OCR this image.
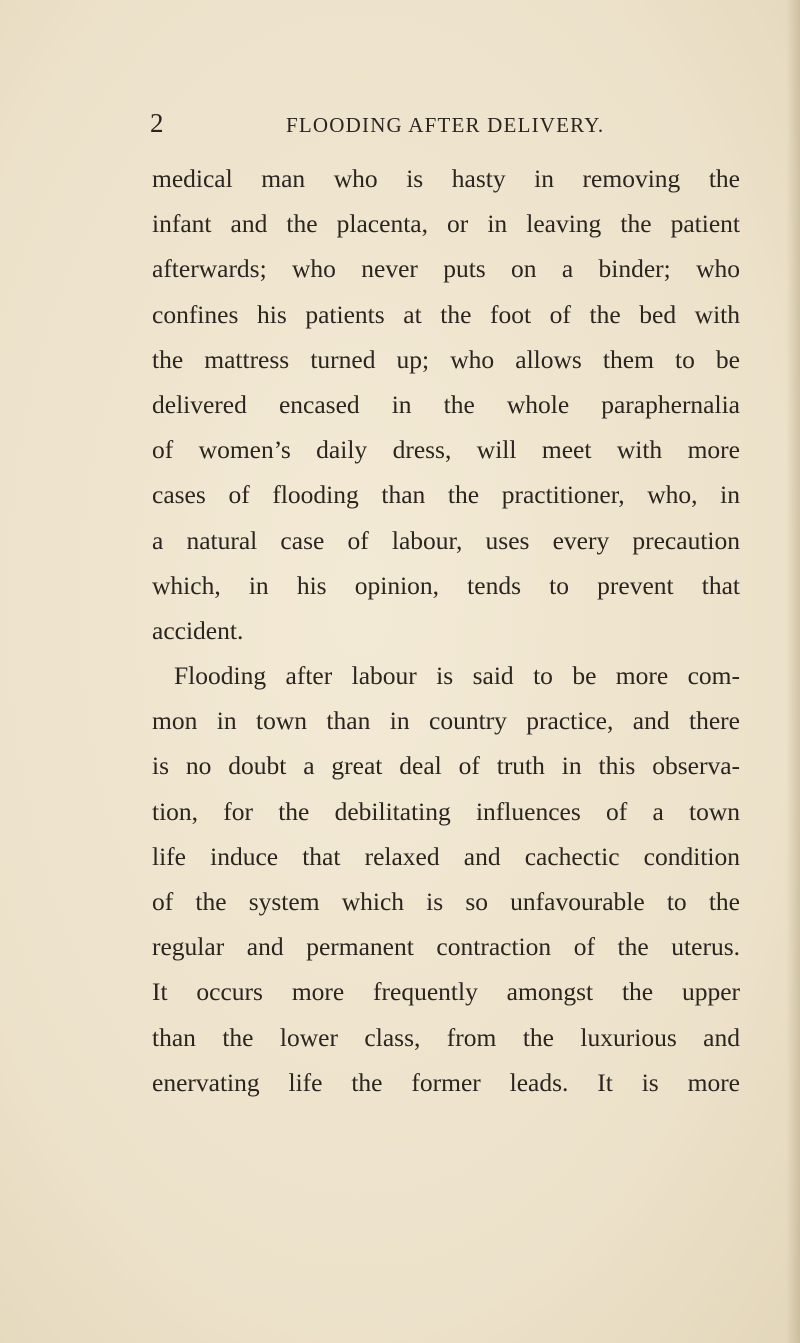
2	FLOODING AFTER DELIVERY.
medical man who is hasty in removing the
infant and the placenta, or in leaving the patient
afterwards; who never puts on a binder; who
confines his patients at the foot of the bed with
the mattress turned up; who allows them to be
delivered encased in the whole paraphernalia
of women’s daily dress, will meet with more
cases of flooding than the practitioner, who, in
a natural case of labour, uses every precaution
which, in his opinion, tends to prevent that
accident.
Flooding after labour is said to be more com-
mon in town than in country practice, and there
is no doubt a great deal of truth in this observa-
tion, for the debilitating influences of a town
life induce that relaxed and cachectic condition
of the system which is so unfavourable to the
regular and permanent contraction of the uterus.
It occurs more frequently amongst the upper
than the lower class, from the luxurious and
enervating life the former leads. It is more
